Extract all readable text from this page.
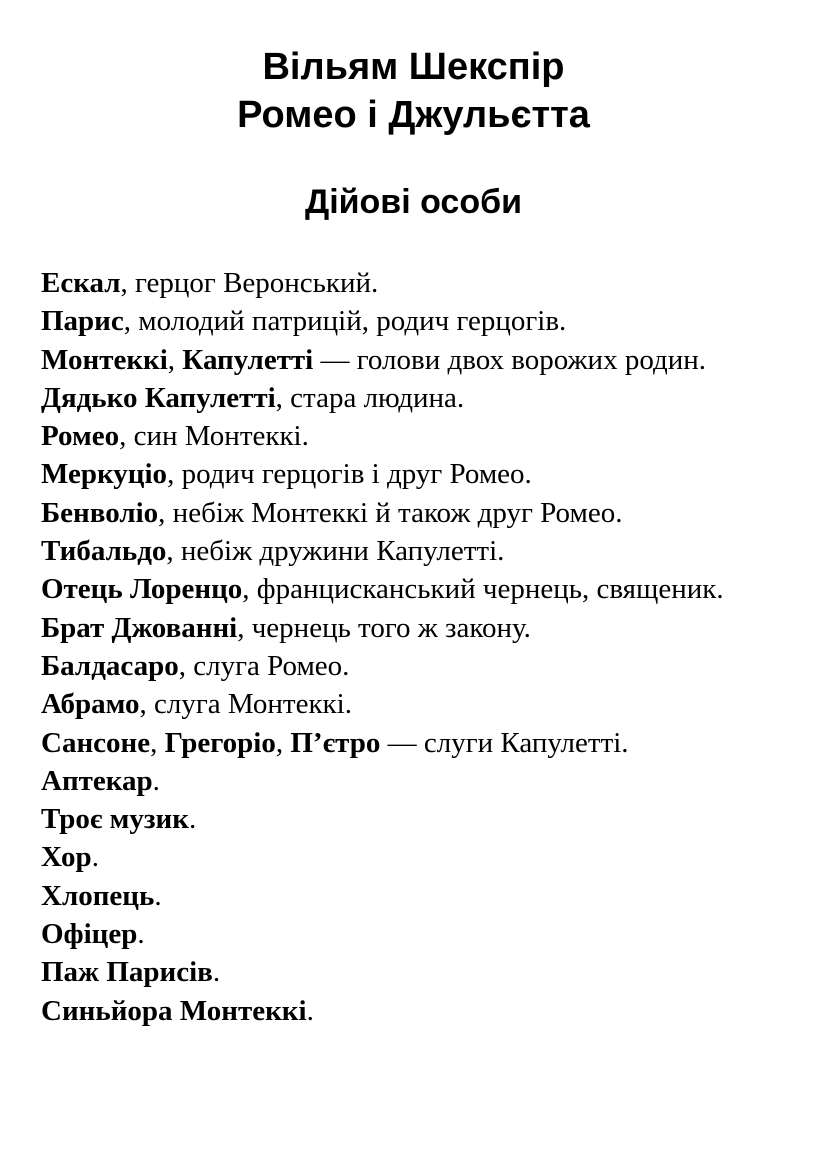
Вільям Шекспір
Ромео і Джульєтта
Дійові особи
Ескал, герцог Веронський.
Парис, молодий патрицій, родич герцогів.
Монтеккі, Капулетті — голови двох ворожих родин.
Дядько Капулетті, стара людина.
Ромео, син Монтеккі.
Меркуціо, родич герцогів і друг Ромео.
Бенволіо, небіж Монтеккі й також друг Ромео.
Тибальдо, небіж дружини Капулетті.
Отець Лоренцо, францисканський чернець, священик.
Брат Джованні, чернець того ж закону.
Балдасаро, слуга Ромео.
Абрамо, слуга Монтеккі.
Сансоне, Грегоріо, П’єтро — слуги Капулетті.
Аптекар.
Троє музик.
Хор.
Хлопець.
Офіцер.
Паж Парисів.
Синьйора Монтеккі.
